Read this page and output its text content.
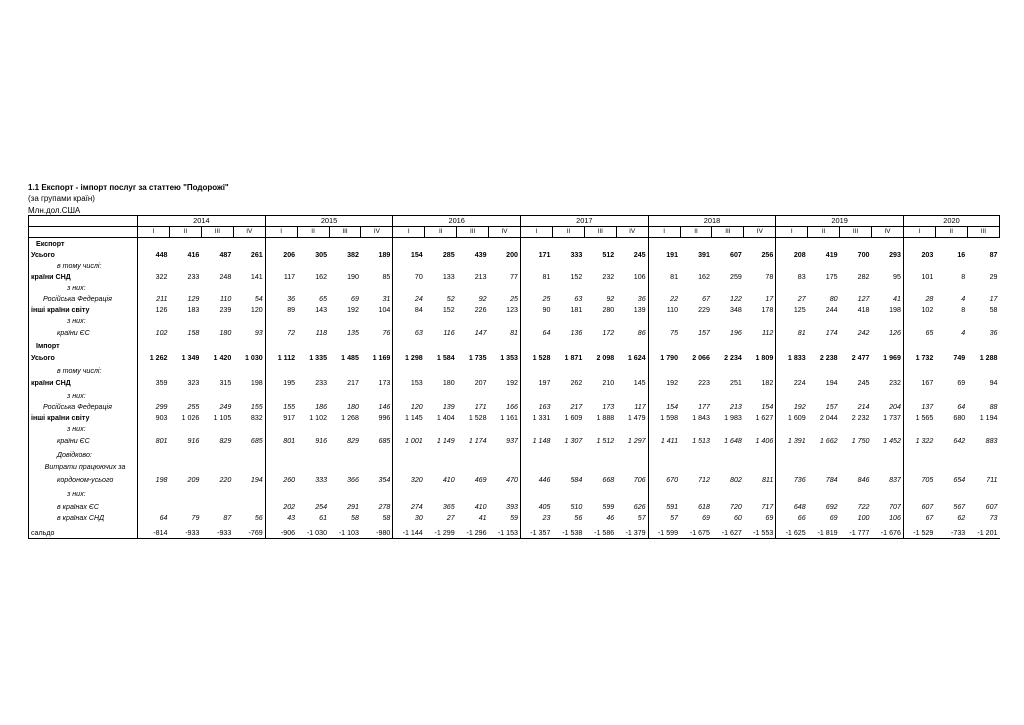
1.1 Експорт - імпорт послуг за статтею "Подорожі"
(за групами країн)
Млн.дол.США
	2014				2015				2016				2017				2018				2019				2020		
	I	II	III	IV	I	II	III	IV	I	II	III	IV	I	II	III	IV	I	II	III	IV	I	II	III	IV	I	II	III
Експорт																											
Усього	448	416	487	261	206	305	382	189	154	285	439	200	171	333	512	245	191	391	607	256	208	419	700	293	203	16	87
в тому числі:																											
країни СНД	322	233	248	141	117	162	190	85	70	133	213	77	81	152	232	106	81	162	259	78	83	175	282	95	101	8	29
з них:																											
Російська Федерація	211	129	110	54	36	65	69	31	24	52	92	25	25	63	92	36	22	67	122	17	27	80	127	41	28	4	17
інші країни світу	126	183	239	120	89	143	192	104	84	152	226	123	90	181	280	139	110	229	348	178	125	244	418	198	102	8	58
з них:																											
країни ЄС	102	158	180	93	72	118	135	76	63	116	147	81	64	136	172	86	75	157	196	112	81	174	242	126	65	4	36
Імпорт																											
Усього	1 262	1 349	1 420	1 030	1 112	1 335	1 485	1 169	1 298	1 584	1 735	1 353	1 528	1 871	2 098	1 624	1 790	2 066	2 234	1 809	1 833	2 238	2 477	1 969	1 732	749	1 288
в тому числі:																											
країни СНД	359	323	315	198	195	233	217	173	153	180	207	192	197	262	210	145	192	223	251	182	224	194	245	232	167	69	94
з них:																											
Російська Федерація	299	255	249	155	155	186	180	146	120	139	171	166	163	217	173	117	154	177	213	154	192	157	214	204	137	64	88
інші країни світу	903	1 026	1 105	832	917	1 102	1 268	996	1 145	1 404	1 528	1 161	1 331	1 609	1 888	1 479	1 598	1 843	1 983	1 627	1 609	2 044	2 232	1 737	1 565	680	1 194
з них:																											
країни ЄС	801	916	829	685	801	916	829	685	1 001	1 149	1 174	937	1 148	1 307	1 512	1 297	1 411	1 513	1 648	1 406	1 391	1 662	1 750	1 452	1 322	642	883
Довідково:																											
Витрати працюючих за																											
кордоном-усього	198	209	220	194	260	333	366	354	320	410	469	470	446	584	668	706	670	712	802	811	736	784	846	837	705	654	711
з них:																											
в країнах ЄС					202	254	291	278	274	365	410	393	405	510	599	626	591	618	720	717	648	692	722	707	607	567	607
в країнах СНД	64	79	87	56	43	61	58	58	30	27	41	59	23	56	46	57	57	69	60	69	66	69	100	106	67	62	73

сальдо	-814	-933	-933	-769	-906	-1 030	-1 103	-980	-1 144	-1 299	-1 296	-1 153	-1 357	-1 538	-1 586	-1 379	-1 599	-1 675	-1 627	-1 553	-1 625	-1 819	-1 777	-1 676	-1 529	-733	-1 201
